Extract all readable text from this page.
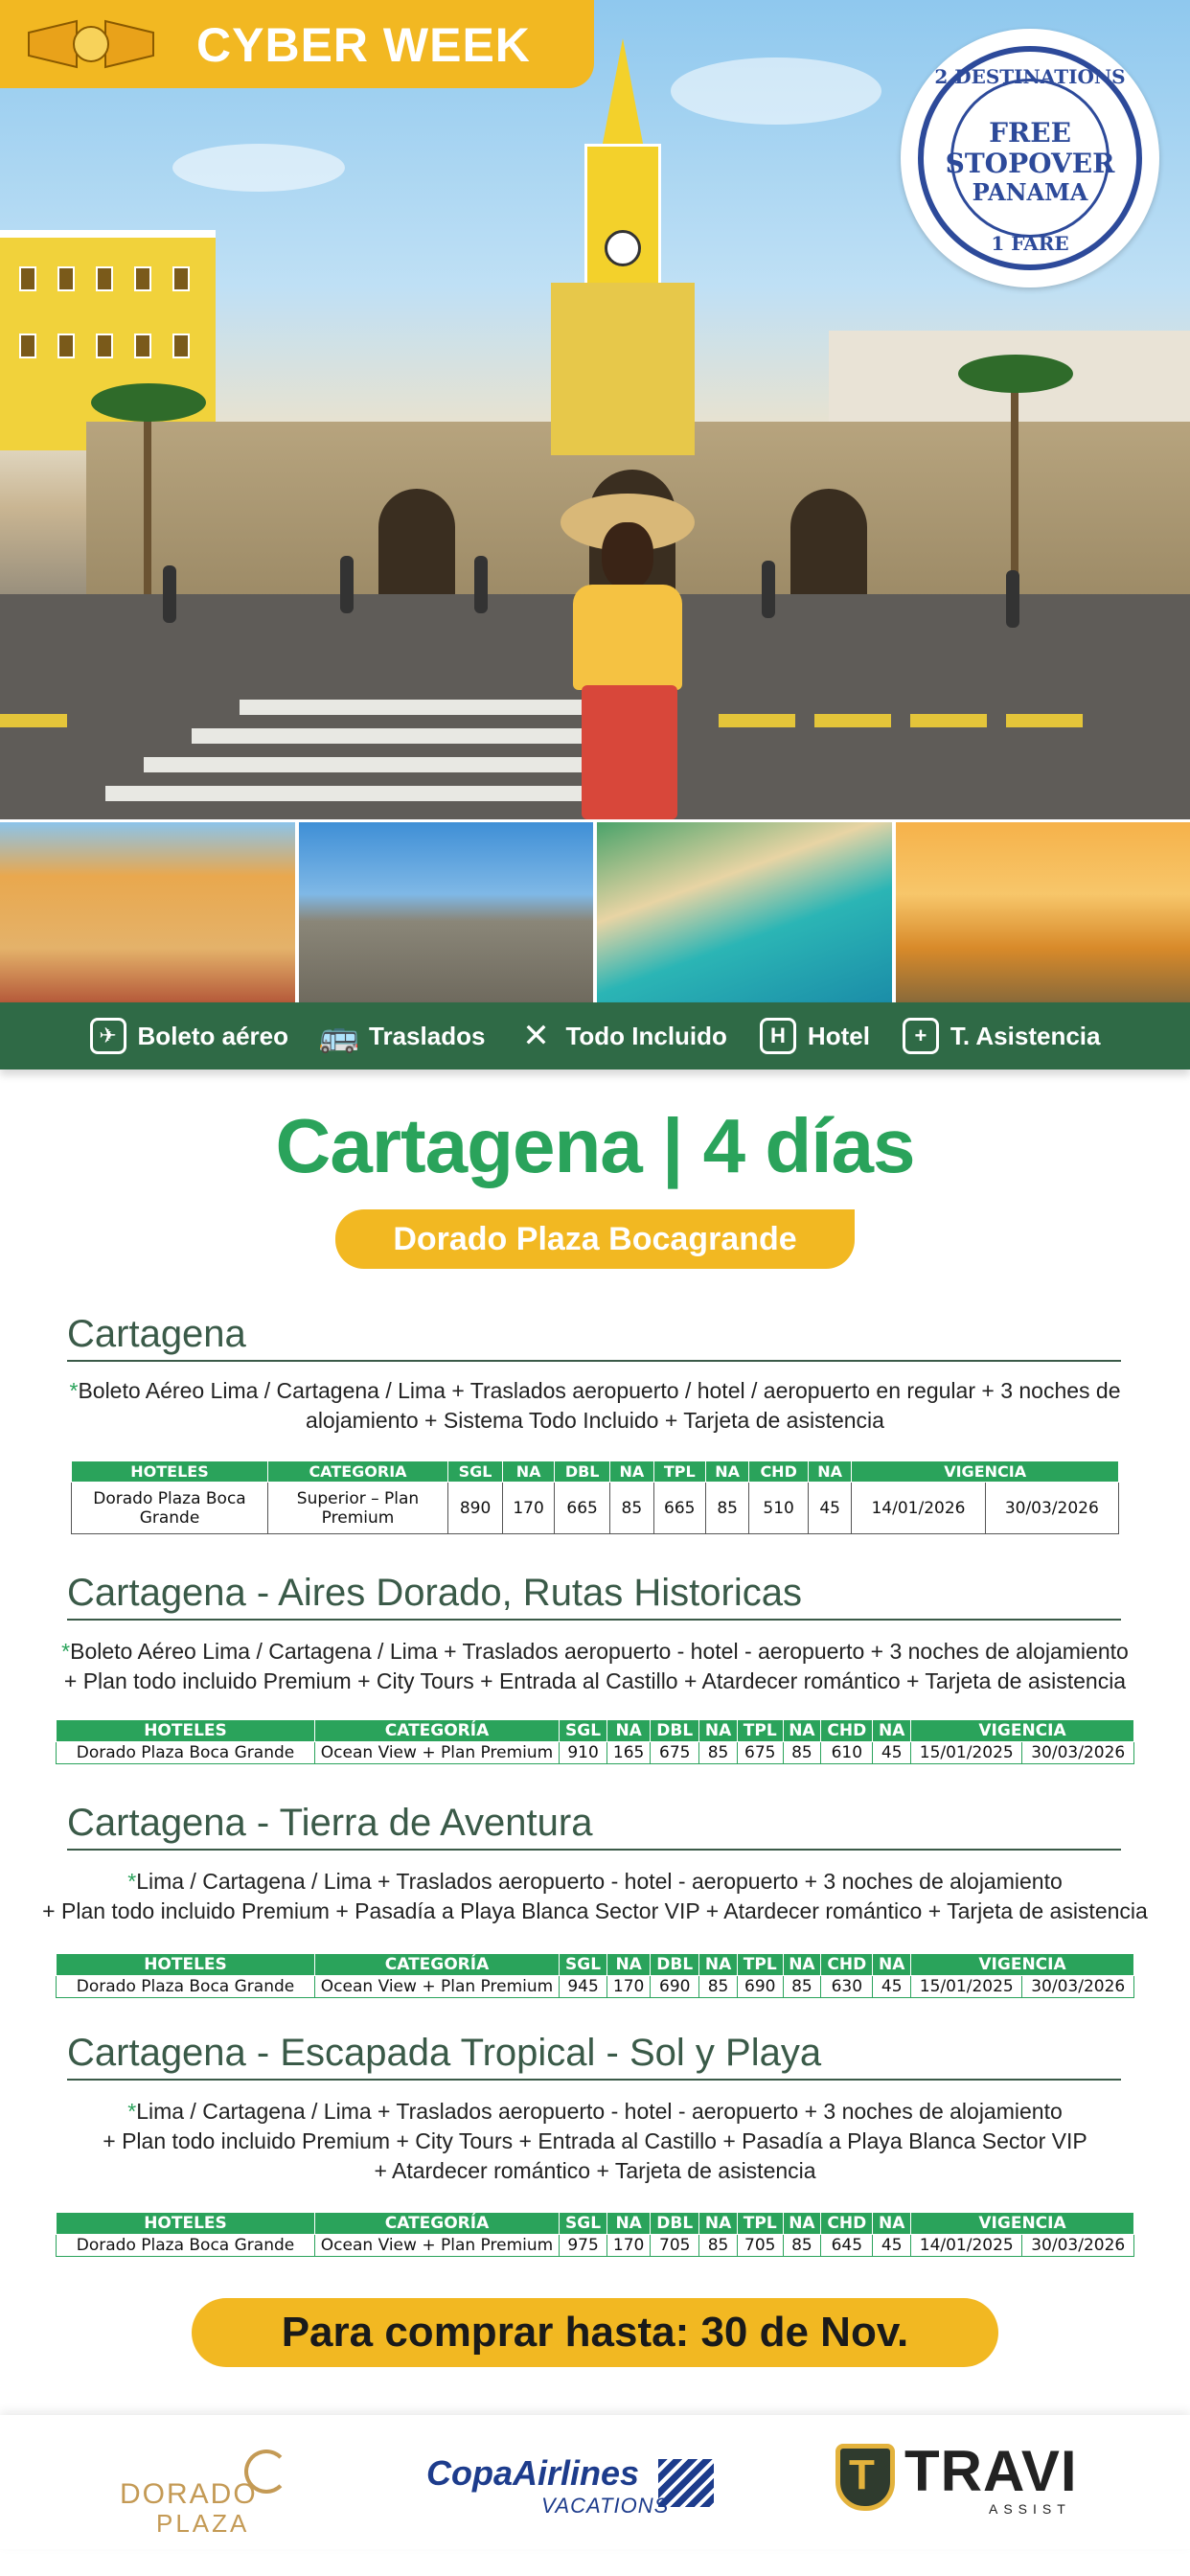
CYBER WEEK
2 DESTINATIONS
FREE
STOPOVER
PANAMA
1 FARE
✈ Boleto aéreo 🚌 Traslados ✕ Todo Incluido	H Hotel	+ T. Asistencia
Cartagena | 4 días
Dorado Plaza Bocagrande
Cartagena
*Boleto Aéreo Lima / Cartagena / Lima + Traslados aeropuerto / hotel / aeropuerto en regular + 3 noches de
alojamiento + Sistema Todo Incluido + Tarjeta de asistencia
HOTELES	CATEGORIA	SGL	NA	DBL	NA	TPL	NA	CHD	NA	VIGENCIA	
Dorado Plaza Boca Grande	Superior – Plan Premium	890	170	665	85	665	85	510	45	14/01/2026	30/03/2026
Cartagena - Aires Dorado, Rutas Historicas
*Boleto Aéreo Lima / Cartagena / Lima + Traslados aeropuerto - hotel - aeropuerto + 3 noches de alojamiento
+ Plan todo incluido Premium + City Tours + Entrada al Castillo + Atardecer romántico + Tarjeta de asistencia
HOTELES	CATEGORÍA	SGL	NA	DBL	NA	TPL	NA	CHD	NA	VIGENCIA	
Dorado Plaza Boca Grande	Ocean View + Plan Premium	910	165	675	85	675	85	610	45	15/01/2025	30/03/2026
Cartagena - Tierra de Aventura
*Lima / Cartagena / Lima + Traslados aeropuerto - hotel - aeropuerto + 3 noches de alojamiento
+ Plan todo incluido Premium + Pasadía a Playa Blanca Sector VIP + Atardecer romántico + Tarjeta de asistencia
HOTELES	CATEGORÍA	SGL	NA	DBL	NA	TPL	NA	CHD	NA	VIGENCIA	
Dorado Plaza Boca Grande	Ocean View + Plan Premium	945	170	690	85	690	85	630	45	15/01/2025	30/03/2026
Cartagena - Escapada Tropical - Sol y Playa
*Lima / Cartagena / Lima + Traslados aeropuerto - hotel - aeropuerto + 3 noches de alojamiento
+ Plan todo incluido Premium + City Tours + Entrada al Castillo + Pasadía a Playa Blanca Sector VIP
+ Atardecer romántico + Tarjeta de asistencia
HOTELES	CATEGORÍA	SGL	NA	DBL	NA	TPL	NA	CHD	NA	VIGENCIA	
Dorado Plaza Boca Grande	Ocean View + Plan Premium	975	170	705	85	705	85	645	45	14/01/2025	30/03/2026
Para comprar hasta: 30 de Nov.
DORADO
PLAZA
CopaAirlines
VACATIONS
T TRAVI
ASSIST
